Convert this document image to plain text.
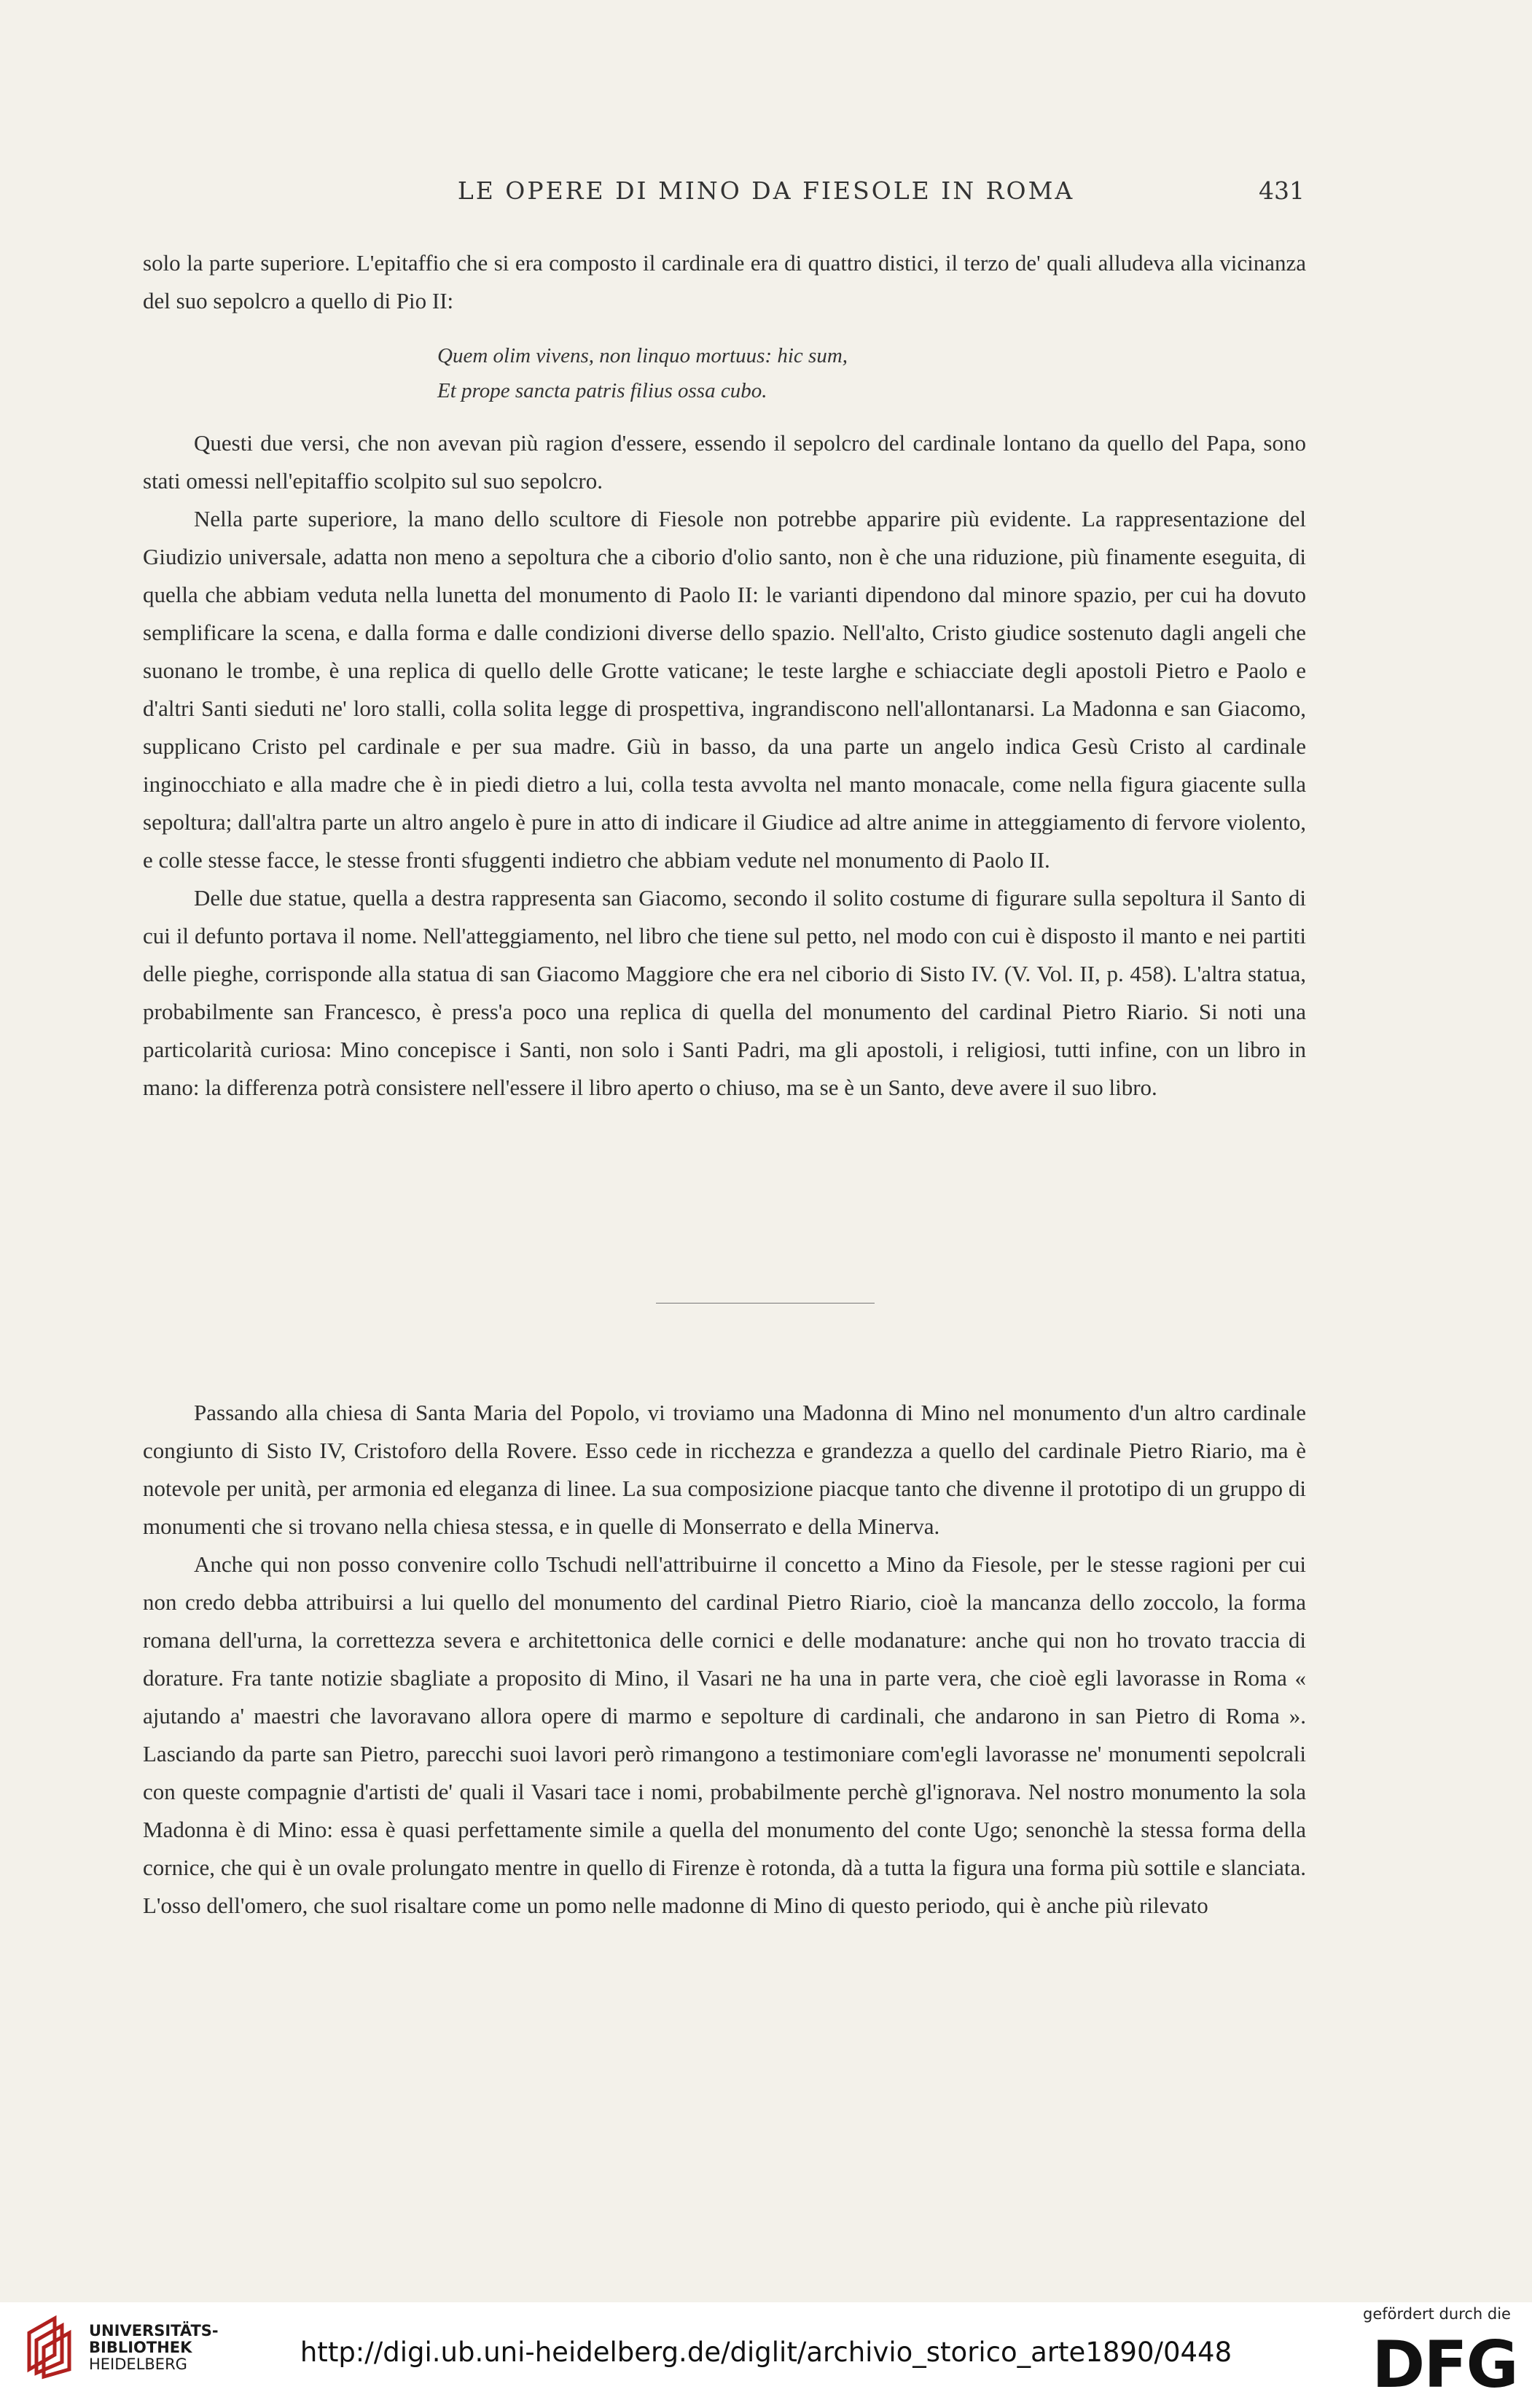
LE OPERE DI MINO DA FIESOLE IN ROMA	431

solo la parte superiore. L'epitaffio che si era composto il cardinale era di quattro distici, il terzo de' quali alludeva alla vicinanza del suo sepolcro a quello di Pio II:

Quem olim vivens, non linquo mortuus: hic sum,
Et prope sancta patris filius ossa cubo.

Questi due versi, che non avevan più ragion d'essere, essendo il sepolcro del cardinale lontano da quello del Papa, sono stati omessi nell'epitaffio scolpito sul suo sepolcro.

Nella parte superiore, la mano dello scultore di Fiesole non potrebbe apparire più evidente. La rappresentazione del Giudizio universale, adatta non meno a sepoltura che a ciborio d'olio santo, non è che una riduzione, più finamente eseguita, di quella che abbiam veduta nella lunetta del monumento di Paolo II: le varianti dipendono dal minore spazio, per cui ha dovuto semplificare la scena, e dalla forma e dalle condizioni diverse dello spazio. Nell'alto, Cristo giudice sostenuto dagli angeli che suonano le trombe, è una replica di quello delle Grotte vaticane; le teste larghe e schiacciate degli apostoli Pietro e Paolo e d'altri Santi sieduti ne' loro stalli, colla solita legge di prospettiva, ingrandiscono nell'allontanarsi. La Madonna e san Giacomo, supplicano Cristo pel cardinale e per sua madre. Giù in basso, da una parte un angelo indica Gesù Cristo al cardinale inginocchiato e alla madre che è in piedi dietro a lui, colla testa avvolta nel manto monacale, come nella figura giacente sulla sepoltura; dall'altra parte un altro angelo è pure in atto di indicare il Giudice ad altre anime in atteggiamento di fervore violento, e colle stesse facce, le stesse fronti sfuggenti indietro che abbiam vedute nel monumento di Paolo II.

Delle due statue, quella a destra rappresenta san Giacomo, secondo il solito costume di figurare sulla sepoltura il Santo di cui il defunto portava il nome. Nell'atteggiamento, nel libro che tiene sul petto, nel modo con cui è disposto il manto e nei partiti delle pieghe, corrisponde alla statua di san Giacomo Maggiore che era nel ciborio di Sisto IV. (V. Vol. II, p. 458). L'altra statua, probabilmente san Francesco, è press'a poco una replica di quella del monumento del cardinal Pietro Riario. Si noti una particolarità curiosa: Mino concepisce i Santi, non solo i Santi Padri, ma gli apostoli, i religiosi, tutti infine, con un libro in mano: la differenza potrà consistere nell'essere il libro aperto o chiuso, ma se è un Santo, deve avere il suo libro.

Passando alla chiesa di Santa Maria del Popolo, vi troviamo una Madonna di Mino nel monumento d'un altro cardinale congiunto di Sisto IV, Cristoforo della Rovere. Esso cede in ricchezza e grandezza a quello del cardinale Pietro Riario, ma è notevole per unità, per armonia ed eleganza di linee. La sua composizione piacque tanto che divenne il prototipo di un gruppo di monumenti che si trovano nella chiesa stessa, e in quelle di Monserrato e della Minerva.

Anche qui non posso convenire collo Tschudi nell'attribuirne il concetto a Mino da Fiesole, per le stesse ragioni per cui non credo debba attribuirsi a lui quello del monumento del cardinal Pietro Riario, cioè la mancanza dello zoccolo, la forma romana dell'urna, la correttezza severa e architettonica delle cornici e delle modanature: anche qui non ho trovato traccia di dorature. Fra tante notizie sbagliate a proposito di Mino, il Vasari ne ha una in parte vera, che cioè egli lavorasse in Roma « ajutando a' maestri che lavoravano allora opere di marmo e sepolture di cardinali, che andarono in san Pietro di Roma ». Lasciando da parte san Pietro, parecchi suoi lavori però rimangono a testimoniare com'egli lavorasse ne' monumenti sepolcrali con queste compagnie d'artisti de' quali il Vasari tace i nomi, probabilmente perchè gl'ignorava. Nel nostro monumento la sola Madonna è di Mino: essa è quasi perfettamente simile a quella del monumento del conte Ugo; senonchè la stessa forma della cornice, che qui è un ovale prolungato mentre in quello di Firenze è rotonda, dà a tutta la figura una forma più sottile e slanciata. L'osso dell'omero, che suol risaltare come un pomo nelle madonne di Mino di questo periodo, qui è anche più rilevato

UNIVERSITÄTS-
BIBLIOTHEK
HEIDELBERG	http://digi.ub.uni-heidelberg.de/diglit/archivio_storico_arte1890/0448
gefördert durch die
DFG
